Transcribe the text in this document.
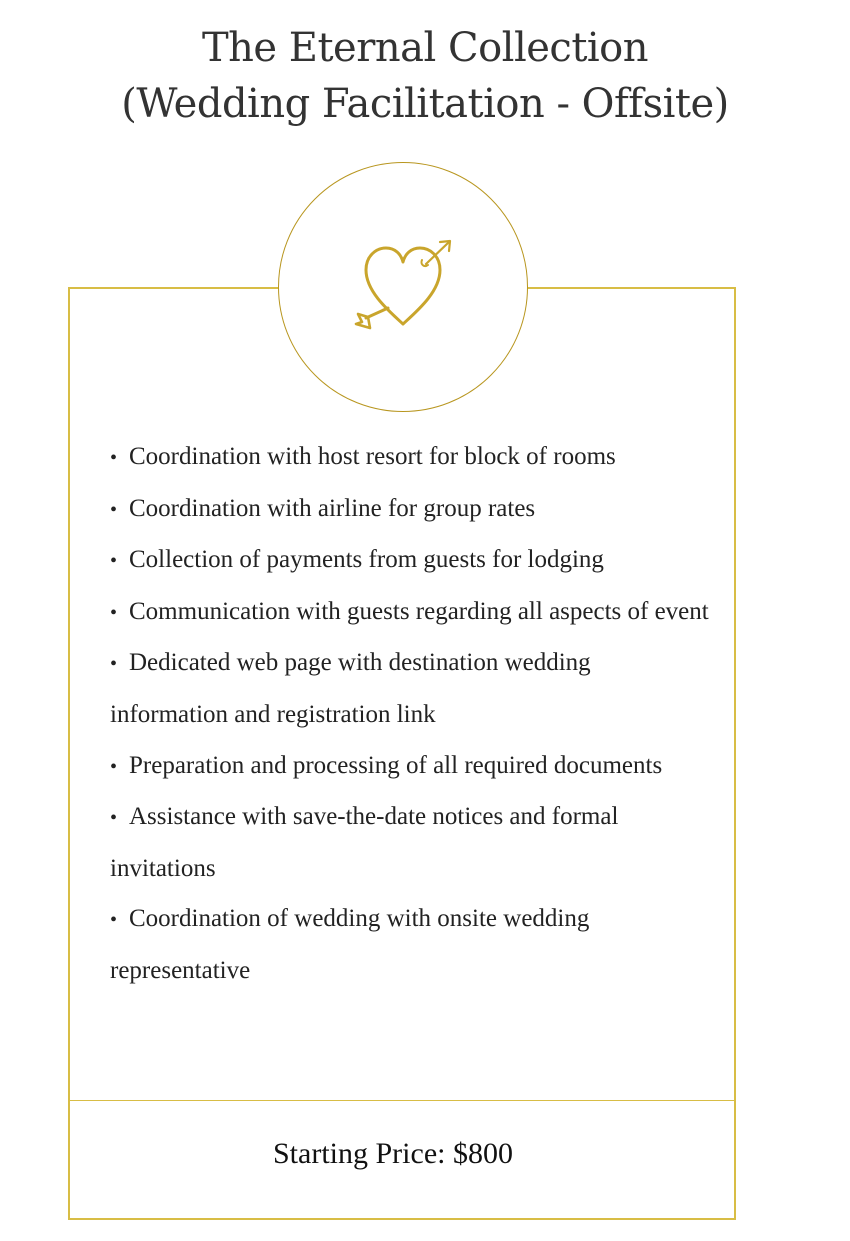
The Eternal Collection
(Wedding Facilitation - Offsite)
• Coordination with host resort for block of rooms
• Coordination with airline for group rates
• Collection of payments from guests for lodging
• Communication with guests regarding all aspects of event
• Dedicated web page with destination wedding information and registration link
• Preparation and processing of all required documents
• Assistance with save-the-date notices and formal invitations
• Coordination of wedding with onsite wedding representative
Starting Price: $800
